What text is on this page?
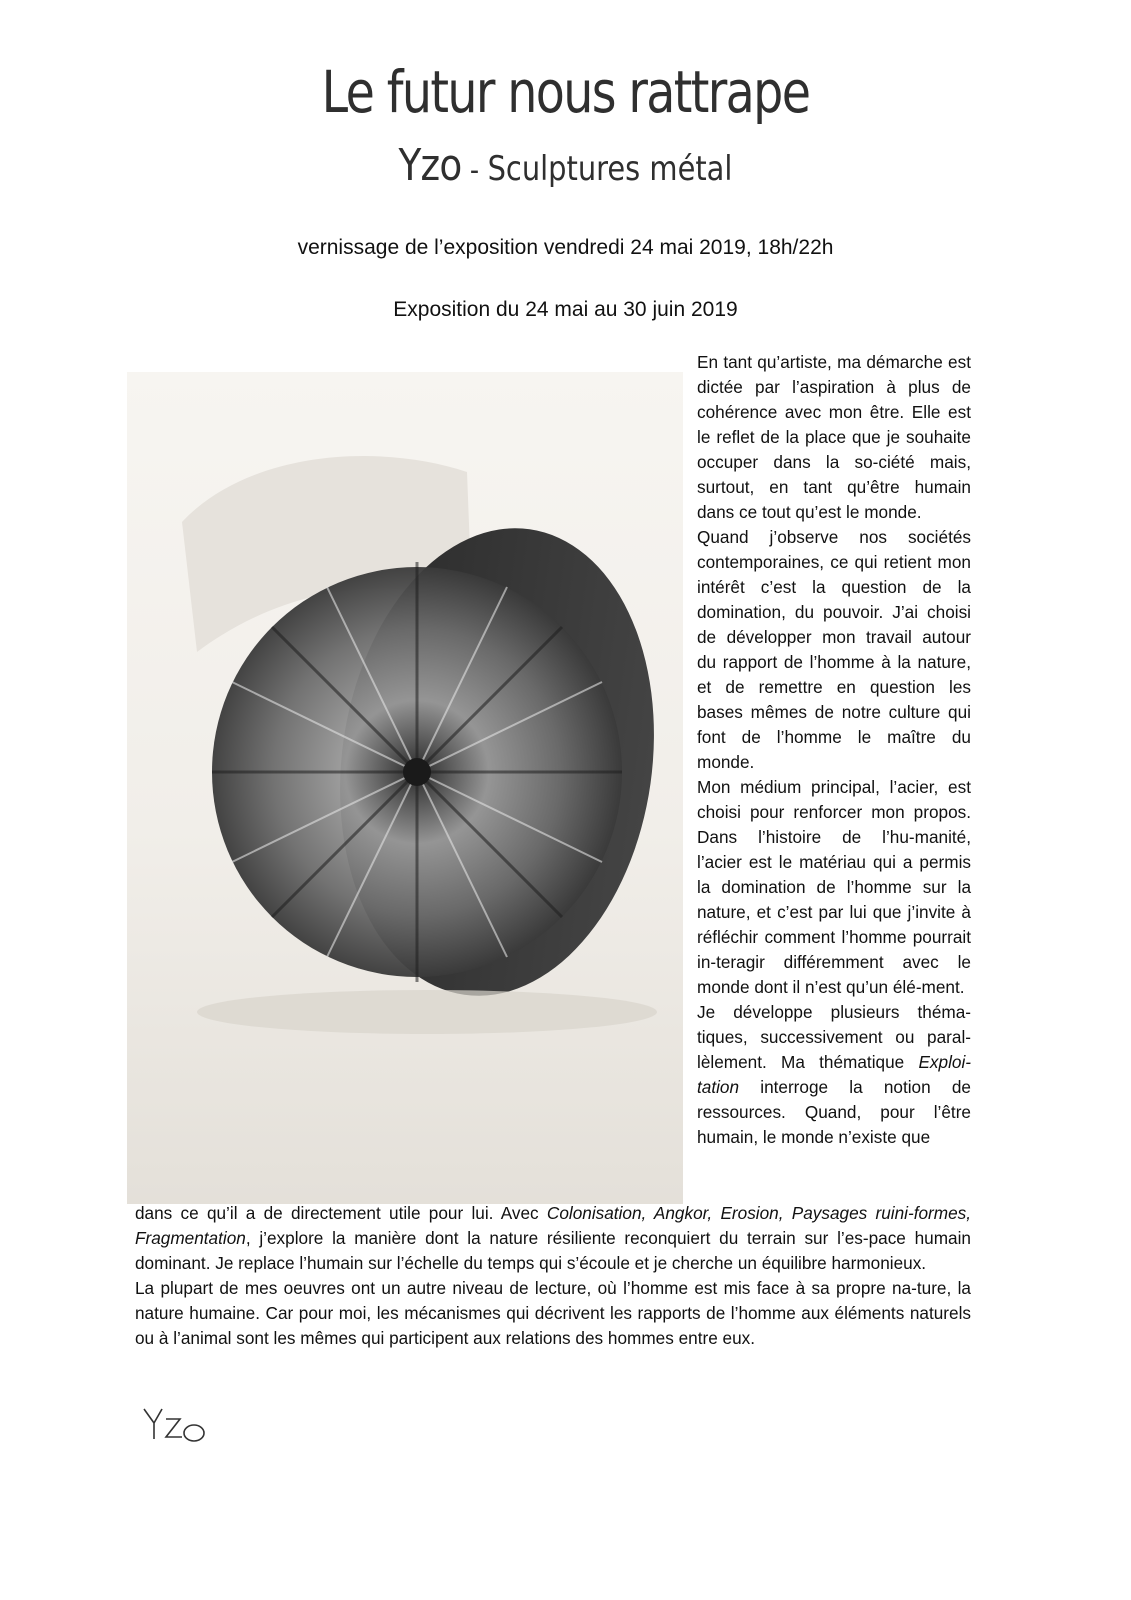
Le futur nous rattrape
Yzo - Sculptures métal
vernissage de l’exposition vendredi 24 mai 2019, 18h/22h
Exposition du 24 mai au 30 juin 2019

En tant qu’artiste, ma démarche est dictée par l’aspiration à plus de cohérence avec mon être. Elle est le reflet de la place que je souhaite occuper dans la so-ciété mais, surtout, en tant qu’être humain dans ce tout qu’est le monde.

Quand j’observe nos sociétés contemporaines, ce qui retient mon intérêt c’est la question de la domination, du pouvoir. J’ai choisi de développer mon travail autour du rapport de l’homme à la nature, et de remettre en question les bases mêmes de notre culture qui font de l’homme le maître du monde.

Mon médium principal, l’acier, est choisi pour renforcer mon propos. Dans l’histoire de l’hu-manité, l’acier est le matériau qui a permis la domination de l’homme sur la nature, et c’est par lui que j’invite à réfléchir comment l’homme pourrait in-teragir différemment avec le monde dont il n’est qu’un élé-ment.

Je développe plusieurs théma-tiques, successivement ou paral-lèlement. Ma thématique Exploi-tation interroge la notion de ressources. Quand, pour l’être humain, le monde n’existe que

dans ce qu’il a de directement utile pour lui. Avec Colonisation, Angkor, Erosion, Paysages ruini-formes, Fragmentation, j’explore la manière dont la nature résiliente reconquiert du terrain sur l’es-pace humain dominant. Je replace l’humain sur l’échelle du temps qui s’écoule et je cherche un équilibre harmonieux.

La plupart de mes oeuvres ont un autre niveau de lecture, où l’homme est mis face à sa propre na-ture, la nature humaine. Car pour moi, les mécanismes qui décrivent les rapports de l’homme aux éléments naturels ou à l’animal sont les mêmes qui participent aux relations des hommes entre eux.
